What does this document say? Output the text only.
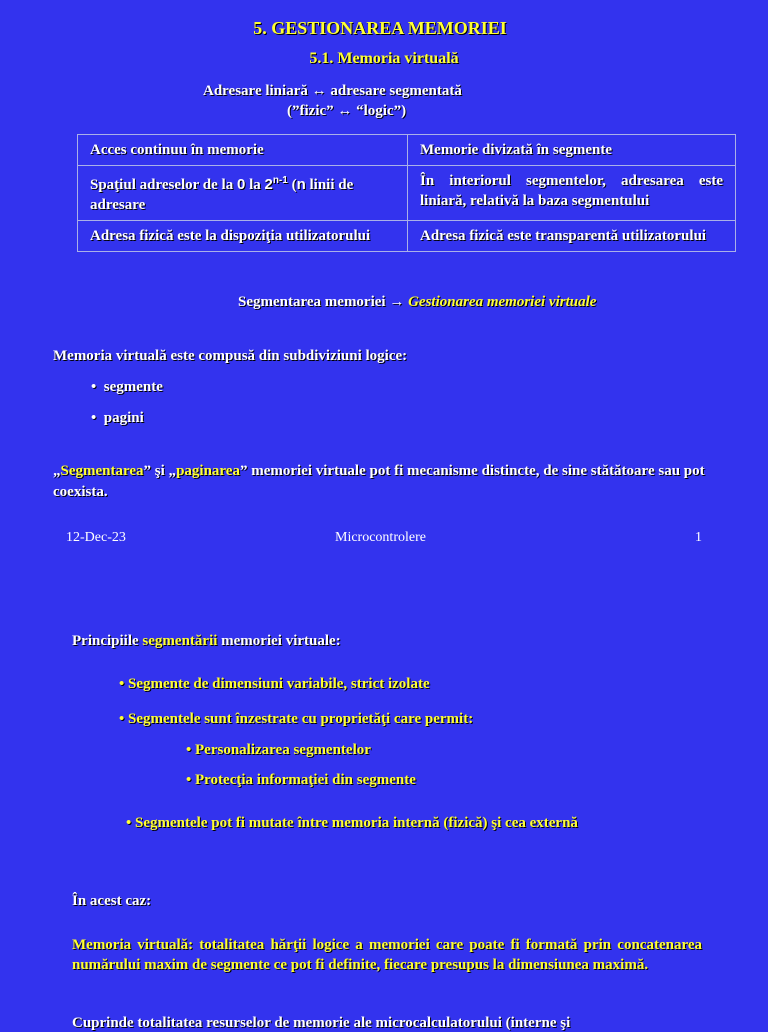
5. GESTIONAREA MEMORIEI
5.1. Memoria virtuală
Adresare liniară ↔ adresare segmentată
(”fizic” ↔ “logic”)
Acces continuu în memorie	Memorie divizată în segmente
Spaţiul adreselor de la 0 la 2$^{n-1}$ (n linii de adresare	În interiorul segmentelor, adresarea este liniară, relativă la baza segmentului
Adresa fizică este la dispoziţia utilizatorului	Adresa fizică este transparentă utilizatorului
Segmentarea memoriei → Gestionarea memoriei virtuale
Memoria virtuală este compusă din subdiviziuni logice:
•  segmente
•  pagini
„Segmentarea” şi „paginarea” memoriei virtuale pot fi mecanisme distincte, de sine stătătoare sau pot coexista.
12-Dec-23	Microcontrolere	1
Principiile segmentării memoriei virtuale:
• Segmente de dimensiuni variabile, strict izolate
• Segmentele sunt înzestrate cu proprietăţi care permit:
• Personalizarea segmentelor
• Protecţia informaţiei din segmente
• Segmentele pot fi mutate între memoria internă (fizică) şi cea externă
În acest caz:
Memoria virtuală: totalitatea hărţii logice a memoriei care poate fi formată prin concatenarea numărului maxim de segmente ce pot fi definite, fiecare presupus la dimensiunea maximă.
Cuprinde totalitatea resurselor de memorie ale microcalculatorului (interne şi
